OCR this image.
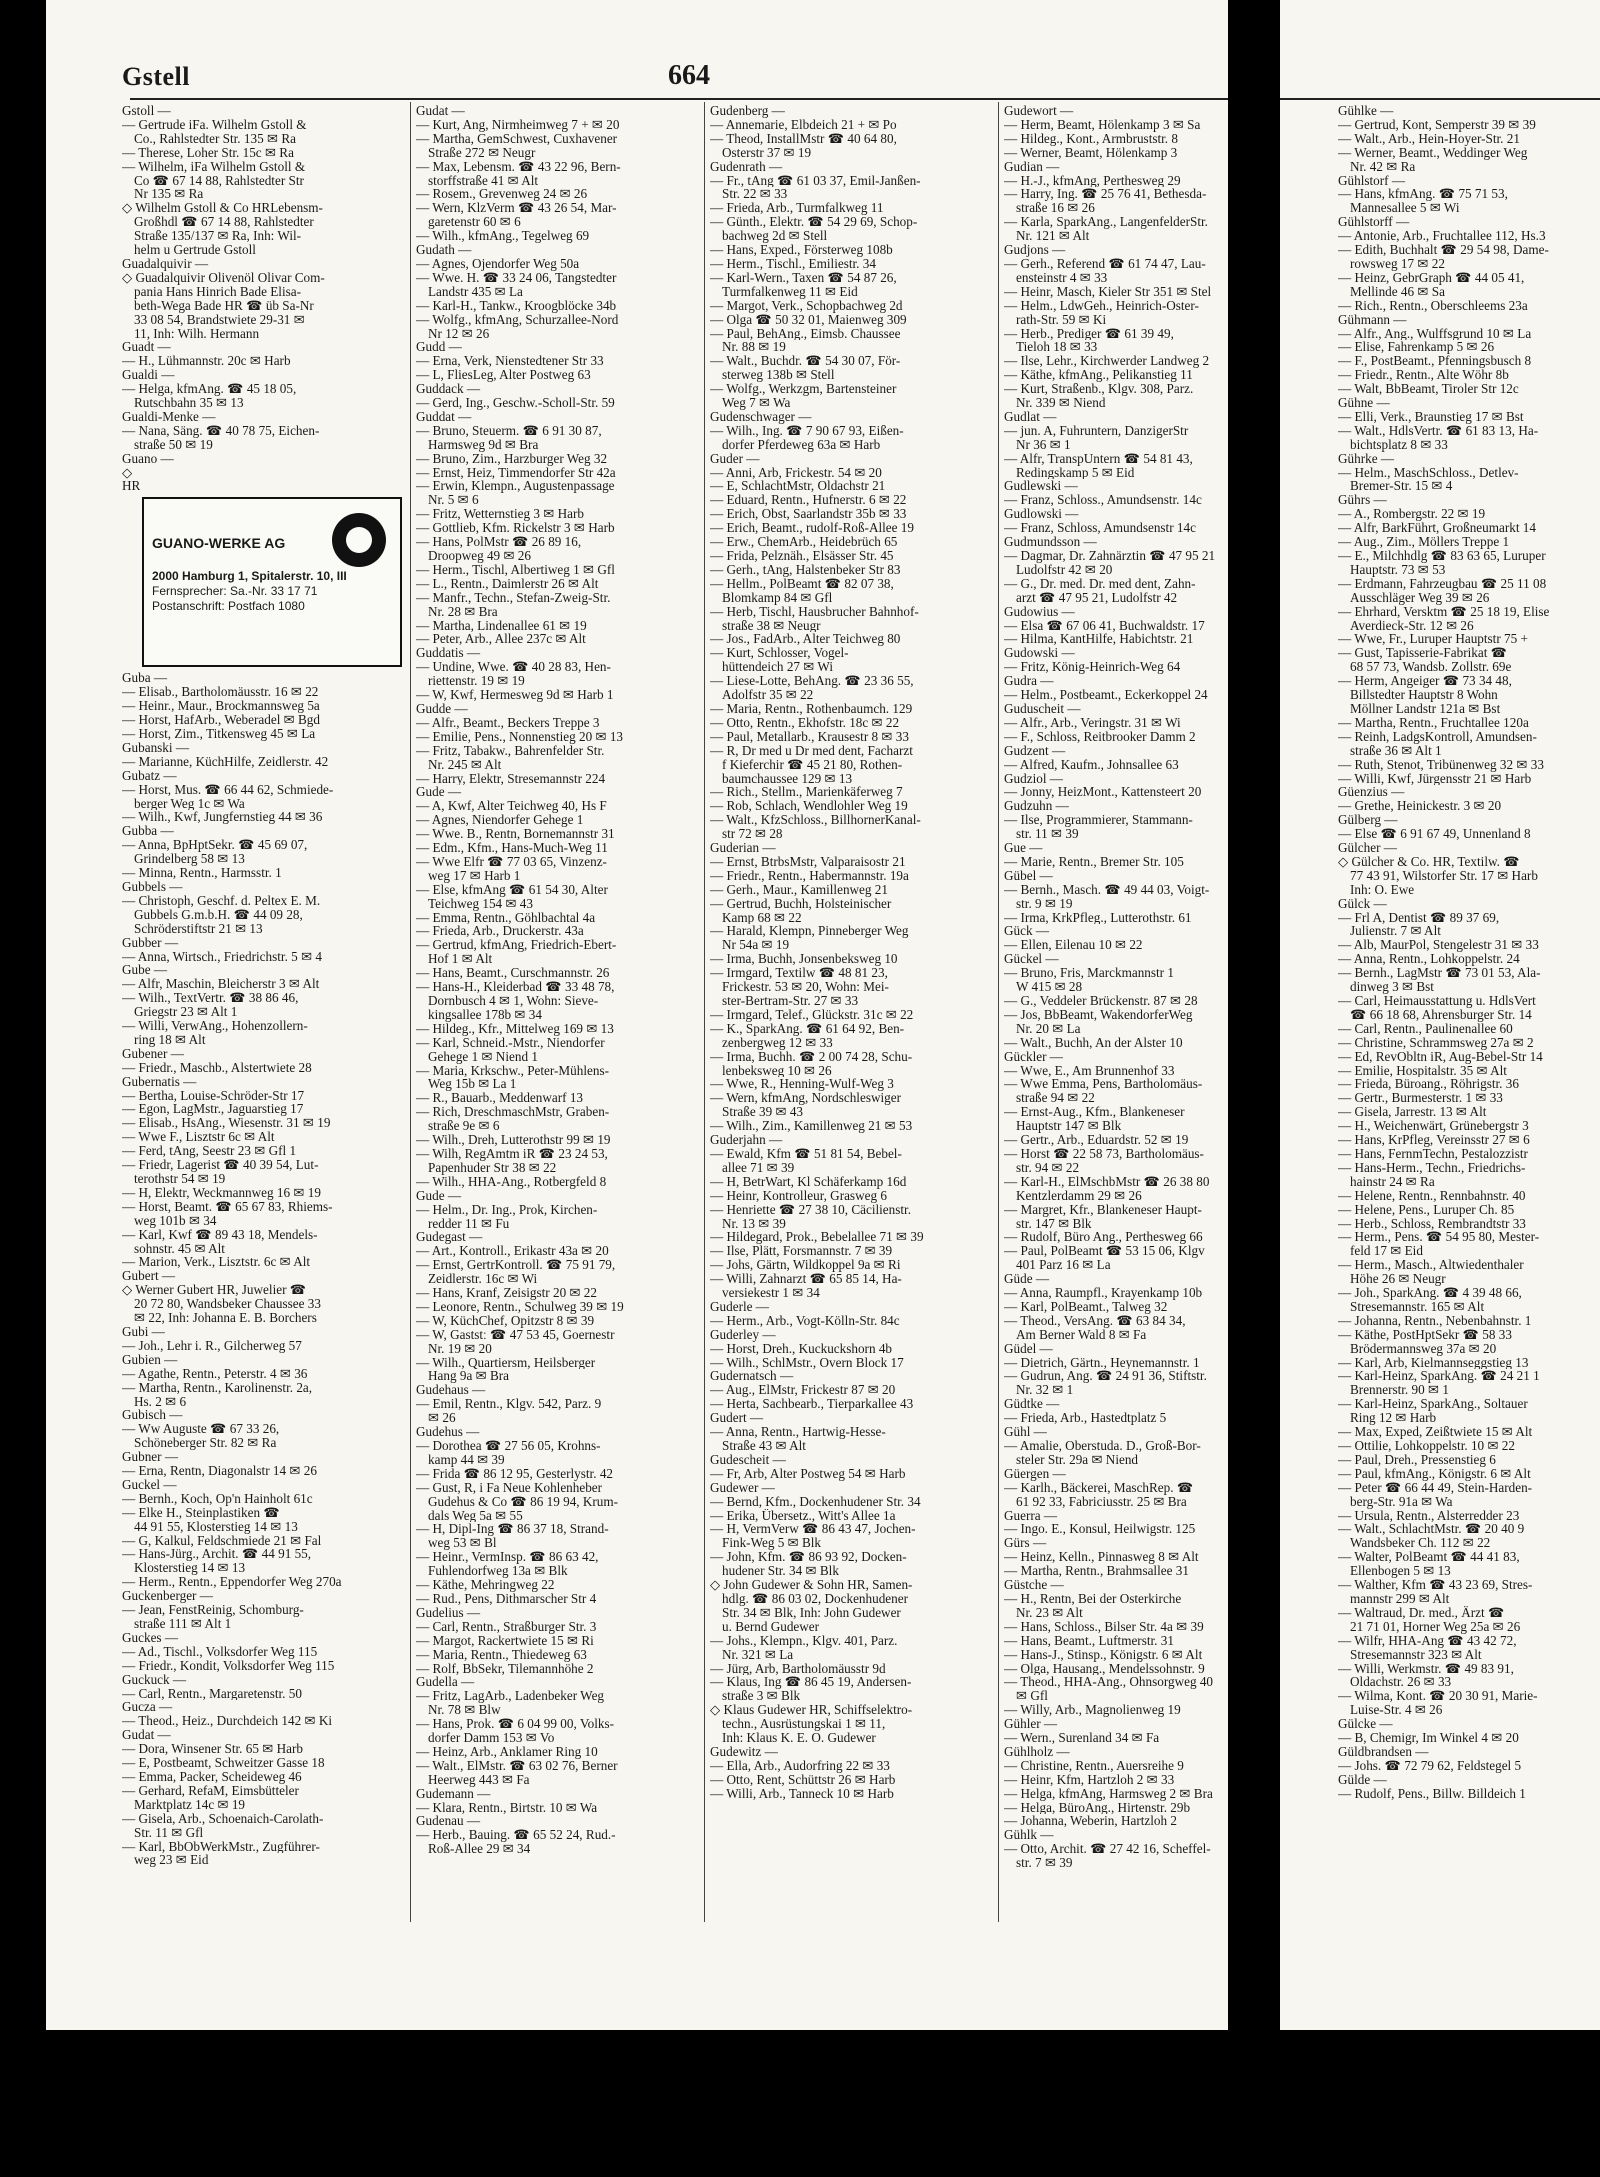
Gstell	664
Gstoll —
— Gertrude iFa. Wilhelm Gstoll &
Co., Rahlstedter Str. 135 ✉ Ra
— Therese, Loher Str. 15c ✉ Ra
— Wilhelm, iFa Wilhelm Gstoll &
Co ☎ 67 14 88, Rahlstedter Str
Nr 135 ✉ Ra
◇ Wilhelm Gstoll & Co HRLebensm-
Großhdl ☎ 67 14 88, Rahlstedter
Straße 135/137 ✉ Ra, Inh: Wil-
helm u Gertrude Gstoll
Guadalquivir —
◇ Guadalquivir Olivenöl Olivar Com-
pania Hans Hinrich Bade Elisa-
beth-Wega Bade HR ☎ üb Sa-Nr
33 08 54, Brandstwiete 29-31 ✉
11, Inh: Wilh. Hermann
Guadt —
— H., Lühmannstr. 20c ✉ Harb
Gualdi —
— Helga, kfmAng. ☎ 45 18 05,
Rutschbahn 35 ✉ 13
Gualdi-Menke —
— Nana, Säng. ☎ 40 78 75, Eichen-
straße 50 ✉ 19
Guano —
◇
HR
GUANO-WERKE AG
2000 Hamburg 1, Spitalerstr. 10, III
Fernsprecher: Sa.-Nr. 33 17 71
Postanschrift: Postfach 1080
Guba —
— Elisab., Bartholomäusstr. 16 ✉ 22
— Heinr., Maur., Brockmannsweg 5a
— Horst, HafArb., Weberadel ✉ Bgd
— Horst, Zim., Titkensweg 45 ✉ La
Gubanski —
— Marianne, KüchHilfe, Zeidlerstr. 42
Gubatz —
— Horst, Mus. ☎ 66 44 62, Schmiede-
berger Weg 1c ✉ Wa
— Wilh., Kwf, Jungfernstieg 44 ✉ 36
Gubba —
— Anna, BpHptSekr. ☎ 45 69 07,
Grindelberg 58 ✉ 13
— Minna, Rentn., Harmsstr. 1
Gubbels —
— Christoph, Geschf. d. Peltex E. M.
Gubbels G.m.b.H. ☎ 44 09 28,
Schröderstiftstr 21 ✉ 13
Gubber —
— Anna, Wirtsch., Friedrichstr. 5 ✉ 4
Gube —
— Alfr, Maschin, Bleicherstr 3 ✉ Alt
— Wilh., TextVertr. ☎ 38 86 46,
Griegstr 23 ✉ Alt 1
— Willi, VerwAng., Hohenzollern-
ring 18 ✉ Alt
Gubener —
— Friedr., Maschb., Alstertwiete 28
Gubernatis —
— Bertha, Louise-Schröder-Str 17
— Egon, LagMstr., Jaguarstieg 17
— Elisab., HsAng., Wiesenstr. 31 ✉ 19
— Wwe F., Lisztstr 6c ✉ Alt
— Ferd, tAng, Seestr 23 ✉ Gfl 1
— Friedr, Lagerist ☎ 40 39 54, Lut-
terothstr 54 ✉ 19
— H, Elektr, Weckmannweg 16 ✉ 19
— Horst, Beamt. ☎ 65 67 83, Rhiems-
weg 101b ✉ 34
— Karl, Kwf ☎ 89 43 18, Mendels-
sohnstr. 45 ✉ Alt
— Marion, Verk., Lisztstr. 6c ✉ Alt
Gubert —
◇ Werner Gubert HR, Juwelier ☎
20 72 80, Wandsbeker Chaussee 33
✉ 22, Inh: Johanna E. B. Borchers
Gubi —
— Joh., Lehr i. R., Gilcherweg 57
Gubien —
— Agathe, Rentn., Peterstr. 4 ✉ 36
— Martha, Rentn., Karolinenstr. 2a,
Hs. 2 ✉ 6
Gubisch —
— Ww Auguste ☎ 67 33 26,
Schöneberger Str. 82 ✉ Ra
Gubner —
— Erna, Rentn, Diagonalstr 14 ✉ 26
Guckel —
— Bernh., Koch, Op'n Hainholt 61c
— Elke H., Steinplastiken ☎
44 91 55, Klosterstieg 14 ✉ 13
— G, Kalkul, Feldschmiede 21 ✉ Fal
— Hans-Jürg., Archit. ☎ 44 91 55,
Klosterstieg 14 ✉ 13
— Herm., Rentn., Eppendorfer Weg 270a
Guckenberger —
— Jean, FenstReinig, Schomburg-
straße 111 ✉ Alt 1
Guckes —
— Ad., Tischl., Volksdorfer Weg 115
— Friedr., Kondit, Volksdorfer Weg 115
Guckuck —
— Carl, Rentn., Margaretenstr. 50
Gucza —
— Theod., Heiz., Durchdeich 142 ✉ Ki
Gudat —
— Dora, Winsener Str. 65 ✉ Harb
— E, Postbeamt, Schweitzer Gasse 18
— Emma, Packer, Scheideweg 46
— Gerhard, RefaM, Eimsbütteler
Marktplatz 14c ✉ 19
— Gisela, Arb., Schoenaich-Carolath-
Str. 11 ✉ Gfl
— Karl, BbObWerkMstr., Zugführer-
weg 23 ✉ Eid
Gudat —
— Kurt, Ang, Nirmheimweg 7 + ✉ 20
— Martha, GemSchwest, Cuxhavener
Straße 272 ✉ Neugr
— Max, Lebensm. ☎ 43 22 96, Bern-
storffstraße 41 ✉ Alt
— Rosem., Grevenweg 24 ✉ 26
— Wern, KlzVerm ☎ 43 26 54, Mar-
garetenstr 60 ✉ 6
— Wilh., kfmAng., Tegelweg 69
Gudath —
— Agnes, Ojendorfer Weg 50a
— Wwe. H. ☎ 33 24 06, Tangstedter
Landstr 435 ✉ La
— Karl-H., Tankw., Kroogblöcke 34b
— Wolfg., kfmAng, Schurzallee-Nord
Nr 12 ✉ 26
Gudd —
— Erna, Verk, Nienstedtener Str 33
— L, FliesLeg, Alter Postweg 63
Guddack —
— Gerd, Ing., Geschw.-Scholl-Str. 59
Guddat —
— Bruno, Steuerm. ☎ 6 91 30 87,
Harmsweg 9d ✉ Bra
— Bruno, Zim., Harzburger Weg 32
— Ernst, Heiz, Timmendorfer Str 42a
— Erwin, Klempn., Augustenpassage
Nr. 5 ✉ 6
— Fritz, Wetternstieg 3 ✉ Harb
— Gottlieb, Kfm. Rickelstr 3 ✉ Harb
— Hans, PolMstr ☎ 26 89 16,
Droopweg 49 ✉ 26
— Herm., Tischl, Albertiweg 1 ✉ Gfl
— L., Rentn., Daimlerstr 26 ✉ Alt
— Manfr., Techn., Stefan-Zweig-Str.
Nr. 28 ✉ Bra
— Martha, Lindenallee 61 ✉ 19
— Peter, Arb., Allee 237c ✉ Alt
Guddatis —
— Undine, Wwe. ☎ 40 28 83, Hen-
riettenstr. 19 ✉ 19
— W, Kwf, Hermesweg 9d ✉ Harb 1
Gudde —
— Alfr., Beamt., Beckers Treppe 3
— Emilie, Pens., Nonnenstieg 20 ✉ 13
— Fritz, Tabakw., Bahrenfelder Str.
Nr. 245 ✉ Alt
— Harry, Elektr, Stresemannstr 224
Gude —
— A, Kwf, Alter Teichweg 40, Hs F
— Agnes, Niendorfer Gehege 1
— Wwe. B., Rentn, Bornemannstr 31
— Edm., Kfm., Hans-Much-Weg 11
— Wwe Elfr ☎ 77 03 65, Vinzenz-
weg 17 ✉ Harb 1
— Else, kfmAng ☎ 61 54 30, Alter
Teichweg 154 ✉ 43
— Emma, Rentn., Göhlbachtal 4a
— Frieda, Arb., Druckerstr. 43a
— Gertrud, kfmAng, Friedrich-Ebert-
Hof 1 ✉ Alt
— Hans, Beamt., Curschmannstr. 26
— Hans-H., Kleiderbad ☎ 33 48 78,
Dornbusch 4 ✉ 1, Wohn: Sieve-
kingsallee 178b ✉ 34
— Hildeg., Kfr., Mittelweg 169 ✉ 13
— Karl, Schneid.-Mstr., Niendorfer
Gehege 1 ✉ Niend 1
— Maria, Krkschw., Peter-Mühlens-
Weg 15b ✉ La 1
— R., Bauarb., Meddenwarf 13
— Rich, DreschmaschMstr, Graben-
straße 9e ✉ 6
— Wilh., Dreh, Lutterothstr 99 ✉ 19
— Wilh, RegAmtm iR ☎ 23 24 53,
Papenhuder Str 38 ✉ 22
— Wilh., HHA-Ang., Rotbergfeld 8
Gude —
— Helm., Dr. Ing., Prok, Kirchen-
redder 11 ✉ Fu
Gudegast —
— Art., Kontroll., Erikastr 43a ✉ 20
— Ernst, GertrKontroll. ☎ 75 91 79,
Zeidlerstr. 16c ✉ Wi
— Hans, Kranf, Zeisigstr 20 ✉ 22
— Leonore, Rentn., Schulweg 39 ✉ 19
— W, KüchChef, Opitzstr 8 ✉ 39
— W, Gaststː ☎ 47 53 45, Goernestr
Nr. 19 ✉ 20
— Wilh., Quartiersm, Heilsberger
Hang 9a ✉ Bra
Gudehaus —
— Emil, Rentn., Klgv. 542, Parz. 9
✉ 26
Gudehus —
— Dorothea ☎ 27 56 05, Krohns-
kamp 44 ✉ 39
— Frida ☎ 86 12 95, Gesterlystr. 42
— Gust, R, i Fa Neue Kohlenheber
Gudehus & Co ☎ 86 19 94, Krum-
dals Weg 5a ✉ 55
— H, Dipl-Ing ☎ 86 37 18, Strand-
weg 53 ✉ Bl
— Heinr., VermInsp. ☎ 86 63 42,
Fuhlendorfweg 13a ✉ Blk
— Käthe, Mehringweg 22
— Rud., Pens, Dithmarscher Str 4
Gudelius —
— Carl, Rentn., Straßburger Str. 3
— Margot, Rackertwiete 15 ✉ Ri
— Maria, Rentn., Thiedeweg 63
— Rolf, BbSekr, Tilemannhöhe 2
Gudella —
— Fritz, LagArb., Ladenbeker Weg
Nr. 78 ✉ Blw
— Hans, Prok. ☎ 6 04 99 00, Volks-
dorfer Damm 153 ✉ Vo
— Heinz, Arb., Anklamer Ring 10
— Walt., ElMstr. ☎ 63 02 76, Berner
Heerweg 443 ✉ Fa
Gudemann —
— Klara, Rentn., Birtstr. 10 ✉ Wa
Gudenau —
— Herb., Bauing. ☎ 65 52 24, Rud.-
Roß-Allee 29 ✉ 34
Gudenberg —
— Annemarie, Elbdeich 21 + ✉ Po
— Theod, InstallMstr ☎ 40 64 80,
Osterstr 37 ✉ 19
Gudenrath —
— Fr., tAng ☎ 61 03 37, Emil-Janßen-
Str. 22 ✉ 33
— Frieda, Arb., Turmfalkweg 11
— Günth., Elektr. ☎ 54 29 69, Schop-
bachweg 2d ✉ Stell
— Hans, Exped., Försterweg 108b
— Herm., Tischl., Emiliestr. 34
— Karl-Wern., Taxen ☎ 54 87 26,
Turmfalkenweg 11 ✉ Eid
— Margot, Verk., Schopbachweg 2d
— Olga ☎ 50 32 01, Maienweg 309
— Paul, BehAng., Eimsb. Chaussee
Nr. 88 ✉ 19
— Walt., Buchdr. ☎ 54 30 07, För-
sterweg 138b ✉ Stell
— Wolfg., Werkzgm, Bartensteiner
Weg 7 ✉ Wa
Gudenschwager —
— Wilh., Ing. ☎ 7 90 67 93, Eißen-
dorfer Pferdeweg 63a ✉ Harb
Guder —
— Anni, Arb, Frickestr. 54 ✉ 20
— E, SchlachtMstr, Oldachstr 21
— Eduard, Rentn., Hufnerstr. 6 ✉ 22
— Erich, Obst, Saarlandstr 35b ✉ 33
— Erich, Beamt., rudolf-Roß-Allee 19
— Erw., ChemArb., Heidebrüch 65
— Frida, Pelznäh., Elsässer Str. 45
— Gerh., tAng, Halstenbeker Str 83
— Hellm., PolBeamt ☎ 82 07 38,
Blomkamp 84 ✉ Gfl
— Herb, Tischl, Hausbrucher Bahnhof-
straße 38 ✉ Neugr
— Jos., FadArb., Alter Teichweg 80
— Kurt, Schlosser, Vogel-
hüttendeich 27 ✉ Wi
— Liese-Lotte, BehAng. ☎ 23 36 55,
Adolfstr 35 ✉ 22
— Maria, Rentn., Rothenbaumch. 129
— Otto, Rentn., Ekhofstr. 18c ✉ 22
— Paul, Metallarb., Krausestr 8 ✉ 33
— R, Dr med u Dr med dent, Facharzt
f Kieferchir ☎ 45 21 80, Rothen-
baumchaussee 129 ✉ 13
— Rich., Stellm., Marienkäferweg 7
— Rob, Schlach, Wendlohler Weg 19
— Walt., KfzSchloss., BillhornerKanal-
str 72 ✉ 28
Guderian —
— Ernst, BtrbsMstr, Valparaisostr 21
— Friedr., Rentn., Habermannstr. 19a
— Gerh., Maur., Kamillenweg 21
— Gertrud, Buchh, Holsteinischer
Kamp 68 ✉ 22
— Harald, Klempn, Pinneberger Weg
Nr 54a ✉ 19
— Irma, Buchh, Jonsenbeksweg 10
— Irmgard, Textilw ☎ 48 81 23,
Frickestr. 53 ✉ 20, Wohn: Mei-
ster-Bertram-Str. 27 ✉ 33
— Irmgard, Telef., Glückstr. 31c ✉ 22
— K., SparkAng. ☎ 61 64 92, Ben-
zenbergweg 12 ✉ 33
— Irma, Buchh. ☎ 2 00 74 28, Schu-
lenbeksweg 10 ✉ 26
— Wwe, R., Henning-Wulf-Weg 3
— Wern, kfmAng, Nordschleswiger
Straße 39 ✉ 43
— Wilh., Zim., Kamillenweg 21 ✉ 53
Guderjahn —
— Ewald, Kfm ☎ 51 81 54, Bebel-
allee 71 ✉ 39
— H, BetrWart, Kl Schäferkamp 16d
— Heinr, Kontrolleur, Grasweg 6
— Henriette ☎ 27 38 10, Cäcilienstr.
Nr. 13 ✉ 39
— Hildegard, Prok., Bebelallee 71 ✉ 39
— Ilse, Plätt, Forsmannstr. 7 ✉ 39
— Johs, Gärtn, Wildkoppel 9a ✉ Ri
— Willi, Zahnarzt ☎ 65 85 14, Ha-
versiekestr 1 ✉ 34
Guderle —
— Herm., Arb., Vogt-Kölln-Str. 84c
Guderley —
— Horst, Dreh., Kuckuckshorn 4b
— Wilh., SchlMstr., Overn Block 17
Gudernatsch —
— Aug., ElMstr, Frickestr 87 ✉ 20
— Herta, Sachbearb., Tierparkallee 43
Gudert —
— Anna, Rentn., Hartwig-Hesse-
Straße 43 ✉ Alt
Gudescheit —
— Fr, Arb, Alter Postweg 54 ✉ Harb
Gudewer —
— Bernd, Kfm., Dockenhudener Str. 34
— Erika, Übersetz., Witt's Allee 1a
— H, VermVerw ☎ 86 43 47, Jochen-
Fink-Weg 5 ✉ Blk
— John, Kfm. ☎ 86 93 92, Docken-
hudener Str. 34 ✉ Blk
◇ John Gudewer & Sohn HR, Samen-
hdlg. ☎ 86 03 02, Dockenhudener
Str. 34 ✉ Blk, Inh: John Gudewer
u. Bernd Gudewer
— Johs., Klempn., Klgv. 401, Parz.
Nr. 321 ✉ La
— Jürg, Arb, Bartholomäusstr 9d
— Klaus, Ing ☎ 86 45 19, Andersen-
straße 3 ✉ Blk
◇ Klaus Gudewer HR, Schiffselektro-
techn., Ausrüstungskai 1 ✉ 11,
Inh: Klaus K. E. O. Gudewer
Gudewitz —
— Ella, Arb., Audorfring 22 ✉ 33
— Otto, Rent, Schüttstr 26 ✉ Harb
— Willi, Arb., Tanneck 10 ✉ Harb
Gudewort —
— Herm, Beamt, Hölenkamp 3 ✉ Sa
— Hildeg., Kont., Armbruststr. 8
— Werner, Beamt, Hölenkamp 3
Gudian —
— H.-J., kfmAng, Perthesweg 29
— Harry, Ing. ☎ 25 76 41, Bethesda-
straße 16 ✉ 26
— Karla, SparkAng., LangenfelderStr.
Nr. 121 ✉ Alt
Gudjons —
— Gerh., Referend ☎ 61 74 47, Lau-
ensteinstr 4 ✉ 33
— Heinr, Masch, Kieler Str 351 ✉ Stel
— Helm., LdwGeh., Heinrich-Oster-
rath-Str. 59 ✉ Ki
— Herb., Prediger ☎ 61 39 49,
Tieloh 18 ✉ 33
— Ilse, Lehr., Kirchwerder Landweg 2
— Käthe, kfmAng., Pelikanstieg 11
— Kurt, Straßenb., Klgv. 308, Parz.
Nr. 339 ✉ Niend
Gudlat —
— jun. A, Fuhruntern, DanzigerStr
Nr 36 ✉ 1
— Alfr, TranspUntern ☎ 54 81 43,
Redingskamp 5 ✉ Eid
Gudlewski —
— Franz, Schloss., Amundsenstr. 14c
Gudlowski —
— Franz, Schloss, Amundsenstr 14c
Gudmundsson —
— Dagmar, Dr. Zahnärztin ☎ 47 95 21
Ludolfstr 42 ✉ 20
— G., Dr. med. Dr. med dent, Zahn-
arzt ☎ 47 95 21, Ludolfstr 42
Gudowius —
— Elsa ☎ 67 06 41, Buchwaldstr. 17
— Hilma, KantHilfe, Habichtstr. 21
Gudowski —
— Fritz, König-Heinrich-Weg 64
Gudra —
— Helm., Postbeamt., Eckerkoppel 24
Guduscheit —
— Alfr., Arb., Veringstr. 31 ✉ Wi
— F., Schloss, Reitbrooker Damm 2
Gudzent —
— Alfred, Kaufm., Johnsallee 63
Gudziol —
— Jonny, HeizMont., Kattensteert 20
Gudzuhn —
— Ilse, Programmierer, Stammann-
str. 11 ✉ 39
Gue —
— Marie, Rentn., Bremer Str. 105
Gübel —
— Bernh., Masch. ☎ 49 44 03, Voigt-
str. 9 ✉ 19
— Irma, KrkPfleg., Lutterothstr. 61
Gück —
— Ellen, Eilenau 10 ✉ 22
Gückel —
— Bruno, Fris, Marckmannstr 1
W 415 ✉ 28
— G., Veddeler Brückenstr. 87 ✉ 28
— Jos, BbBeamt, WakendorferWeg
Nr. 20 ✉ La
— Walt., Buchh, An der Alster 10
Gückler —
— Wwe, E., Am Brunnenhof 33
— Wwe Emma, Pens, Bartholomäus-
straße 94 ✉ 22
— Ernst-Aug., Kfm., Blankeneser
Hauptstr 147 ✉ Blk
— Gertr., Arb., Eduardstr. 52 ✉ 19
— Horst ☎ 22 58 73, Bartholomäus-
str. 94 ✉ 22
— Karl-H., ElMschbMstr ☎ 26 38 80
Kentzlerdamm 29 ✉ 26
— Margret, Kfr., Blankeneser Haupt-
str. 147 ✉ Blk
— Rudolf, Büro Ang., Perthesweg 66
— Paul, PolBeamt ☎ 53 15 06, Klgv
401 Parz 16 ✉ La
Güde —
— Anna, Raumpfl., Krayenkamp 10b
— Karl, PolBeamt., Talweg 32
— Theod., VersAng. ☎ 63 84 34,
Am Berner Wald 8 ✉ Fa
Güdel —
— Dietrich, Gärtn., Heynemannstr. 1
— Gudrun, Ang. ☎ 24 91 36, Stiftstr.
Nr. 32 ✉ 1
Güdtke —
— Frieda, Arb., Hastedtplatz 5
Gühl —
— Amalie, Oberstuda. D., Groß-Bor-
steler Str. 29a ✉ Niend
Güergen —
— Karlh., Bäckerei, MaschRep. ☎
61 92 33, Fabriciusstr. 25 ✉ Bra
Guerra —
— Ingo. E., Konsul, Heilwigstr. 125
Gürs —
— Heinz, Kelln., Pinnasweg 8 ✉ Alt
— Martha, Rentn., Brahmsallee 31
Güstche —
— H., Rentn, Bei der Osterkirche
Nr. 23 ✉ Alt
— Hans, Schloss., Bilser Str. 4a ✉ 39
— Hans, Beamt., Luftmerstr. 31
— Hans-J., Stinsp., Königstr. 6 ✉ Alt
— Olga, Hausang., Mendelssohnstr. 9
— Theod., HHA-Ang., Ohnsorgweg 40
✉ Gfl
— Willy, Arb., Magnolienweg 19
Gühler —
— Wern., Surenland 34 ✉ Fa
Gühlholz —
— Christine, Rentn., Auersreihe 9
— Heinr, Kfm, Hartzloh 2 ✉ 33
— Helga, kfmAng, Harmsweg 2 ✉ Bra
— Helga, BüroAng., Hirtenstr. 29b
— Johanna, Weberin, Hartzloh 2
Gühlk —
— Otto, Archit. ☎ 27 42 16, Scheffel-
str. 7 ✉ 39
Gühlke —
— Gertrud, Kont, Semperstr 39 ✉ 39
— Walt., Arb., Hein-Hoyer-Str. 21
— Werner, Beamt., Weddinger Weg
Nr. 42 ✉ Ra
Gühlstorf —
— Hans, kfmAng. ☎ 75 71 53,
Mannesallee 5 ✉ Wi
Gühlstorff —
— Antonie, Arb., Fruchtallee 112, Hs.3
— Edith, Buchhalt ☎ 29 54 98, Dame-
rowsweg 17 ✉ 22
— Heinz, GebrGraph ☎ 44 05 41,
Mellinde 46 ✉ Sa
— Rich., Rentn., Oberschleems 23a
Gühmann —
— Alfr., Ang., Wulffsgrund 10 ✉ La
— Elise, Fahrenkamp 5 ✉ 26
— F., PostBeamt., Pfenningsbusch 8
— Friedr., Rentn., Alte Wöhr 8b
— Walt, BbBeamt, Tiroler Str 12c
Gühne —
— Elli, Verk., Braunstieg 17 ✉ Bst
— Walt., HdlsVertr. ☎ 61 83 13, Ha-
bichtsplatz 8 ✉ 33
Gührke —
— Helm., MaschSchloss., Detlev-
Bremer-Str. 15 ✉ 4
Gührs —
— A., Rombergstr. 22 ✉ 19
— Alfr, BarkFührt, Großneumarkt 14
— Aug., Zim., Möllers Treppe 1
— E., Milchhdlg ☎ 83 63 65, Luruper
Hauptstr. 73 ✉ 53
— Erdmann, Fahrzeugbau ☎ 25 11 08
Ausschläger Weg 39 ✉ 26
— Ehrhard, Versktm ☎ 25 18 19, Elise
Averdieck-Str. 12 ✉ 26
— Wwe, Fr., Luruper Hauptstr 75 +
— Gust, Tapisserie-Fabrikat ☎
68 57 73, Wandsb. Zollstr. 69e
— Herm, Angeiger ☎ 73 34 48,
Billstedter Hauptstr 8 Wohn
Möllner Landstr 121a ✉ Bst
— Martha, Rentn., Fruchtallee 120a
— Reinh, LadgsKontroll, Amundsen-
straße 36 ✉ Alt 1
— Ruth, Stenot, Tribünenweg 32 ✉ 33
— Willi, Kwf, Jürgensstr 21 ✉ Harb
Güenzius —
— Grethe, Heinickestr. 3 ✉ 20
Gülberg —
— Else ☎ 6 91 67 49, Unnenland 8
Gülcher —
◇ Gülcher & Co. HR, Textilw. ☎
77 43 91, Wilstorfer Str. 17 ✉ Harb
Inh: O. Ewe
Gülck —
— Frl A, Dentist ☎ 89 37 69,
Julienstr. 7 ✉ Alt
— Alb, MaurPol, Stengelestr 31 ✉ 33
— Anna, Rentn., Lohkoppelstr. 24
— Bernh., LagMstr ☎ 73 01 53, Ala-
dinweg 3 ✉ Bst
— Carl, Heimausstattung u. HdlsVert
☎ 66 18 68, Ahrensburger Str. 14
— Carl, Rentn., Paulinenallee 60
— Christine, Schrammsweg 27a ✉ 2
— Ed, RevObltn iR, Aug-Bebel-Str 14
— Emilie, Hospitalstr. 35 ✉ Alt
— Frieda, Büroang., Röhrigstr. 36
— Gertr., Burmesterstr. 1 ✉ 33
— Gisela, Jarrestr. 13 ✉ Alt
— H., Weichenwärt, Grünebergstr 3
— Hans, KrPfleg, Vereinsstr 27 ✉ 6
— Hans, FernmTechn, Pestalozzistr
— Hans-Herm., Techn., Friedrichs-
hainstr 24 ✉ Ra
— Helene, Rentn., Rennbahnstr. 40
— Helene, Pens., Luruper Ch. 85
— Herb., Schloss, Rembrandtstr 33
— Herm., Pens. ☎ 54 95 80, Mester-
feld 17 ✉ Eid
— Herm., Masch., Altwiedenthaler
Höhe 26 ✉ Neugr
— Joh., SparkAng. ☎ 4 39 48 66,
Stresemannstr. 165 ✉ Alt
— Johanna, Rentn., Nebenbahnstr. 1
— Käthe, PostHptSekr ☎ 58 33
Brödermannsweg 37a ✉ 20
— Karl, Arb, Kielmannseggstieg 13
— Karl-Heinz, SparkAng. ☎ 24 21 1
Brennerstr. 90 ✉ 1
— Karl-Heinz, SparkAng., Soltauer
Ring 12 ✉ Harb
— Max, Exped, Zeißtwiete 15 ✉ Alt
— Ottilie, Lohkoppelstr. 10 ✉ 22
— Paul, Dreh., Pressenstieg 6
— Paul, kfmAng., Königstr. 6 ✉ Alt
— Peter ☎ 66 44 49, Stein-Harden-
berg-Str. 91a ✉ Wa
— Ursula, Rentn., Alsterredder 23
— Walt., SchlachtMstr. ☎ 20 40 9
Wandsbeker Ch. 112 ✉ 22
— Walter, PolBeamt ☎ 44 41 83,
Ellenbogen 5 ✉ 13
— Walther, Kfm ☎ 43 23 69, Stres-
mannstr 299 ✉ Alt
— Waltraud, Dr. med., Ärzt ☎
21 71 01, Horner Weg 25a ✉ 26
— Wilfr, HHA-Ang ☎ 43 42 72,
Stresemannstr 323 ✉ Alt
— Willi, Werkmstr. ☎ 49 83 91,
Oldachstr. 26 ✉ 33
— Wilma, Kont. ☎ 20 30 91, Marie-
Luise-Str. 4 ✉ 26
Gülcke —
— B, Chemigr, Im Winkel 4 ✉ 20
Güldbrandsen —
— Johs. ☎ 72 79 62, Feldstegel 5
Gülde —
— Rudolf, Pens., Billw. Billdeich 1
